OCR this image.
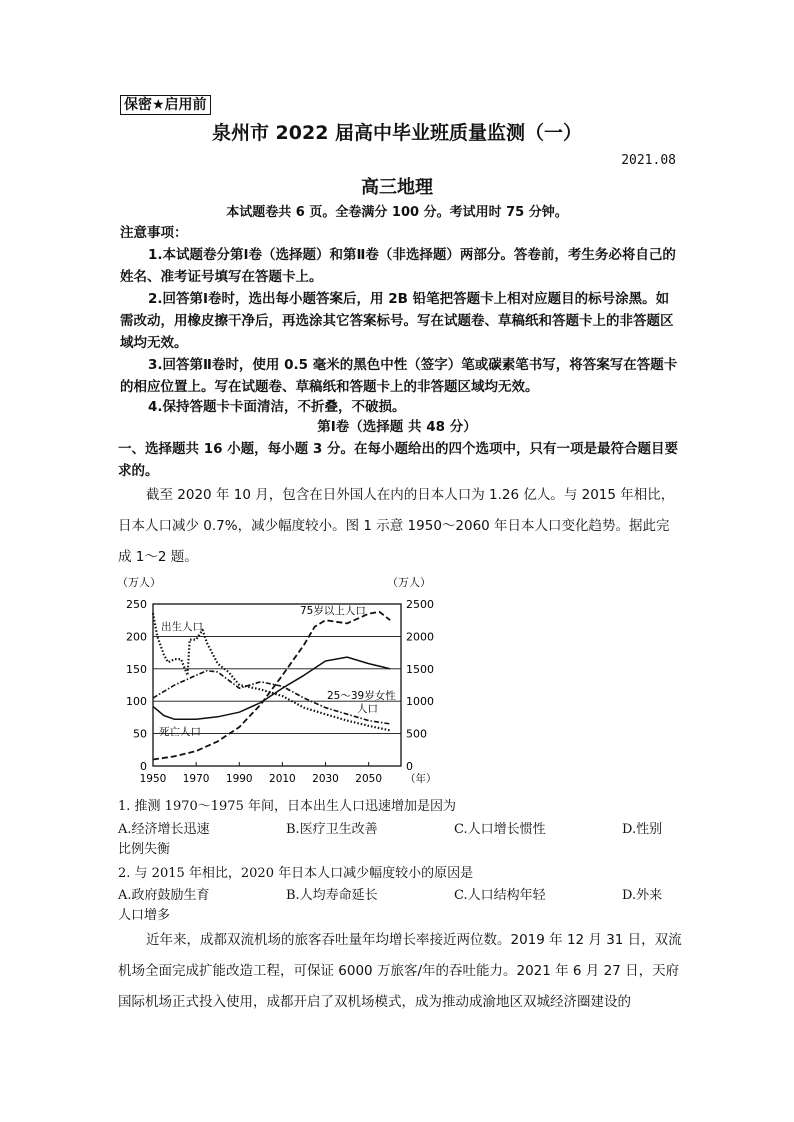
保密★启用前
泉州市 2022 届高中毕业班质量监测（一）
2021.08
高三地理
本试题卷共 6 页。全卷满分 100 分。考试用时 75 分钟。
注意事项：

1.本试题卷分第Ⅰ卷（选择题）和第Ⅱ卷（非选择题）两部分。答卷前，考生务必将自己的姓名、准考证号填写在答题卡上。

2.回答第Ⅰ卷时，选出每小题答案后，用 2B 铅笔把答题卡上相对应题目的标号涂黑。如需改动，用橡皮擦干净后，再选涂其它答案标号。写在试题卷、草稿纸和答题卡上的非答题区域均无效。

3.回答第Ⅱ卷时，使用 0.5 毫米的黑色中性（签字）笔或碳素笔书写，将答案写在答题卡的相应位置上。写在试题卷、草稿纸和答题卡上的非答题区域均无效。

4.保持答题卡卡面清洁，不折叠，不破损。

第Ⅰ卷（选择题 共 48 分）

一、选择题共 16 小题，每小题 3 分。在每小题给出的四个选项中，只有一项是最符合题目要求的。

截至 2020 年 10 月，包含在日外国人在内的日本人口为 1.26 亿人。与 2015 年相比，日本人口减少 0.7%，减少幅度较小。图 1 示意 1950～2060 年日本人口变化趋势。据此完成 1～2 题。

0
50
100
150
200
250
0
500
1000
1500
2000
2500
1950 1970 1990 2010 2030 2050
（万人）	（万人）
（年）
出生人口
死亡人口
75岁以上人口
25～39岁女性
人口
1. 推测 1970～1975 年间，日本出生人口迅速增加是因为
A.经济增长迅速	B.医疗卫生改善	C.人口增长惯性	D.性别
比例失衡
2. 与 2015 年相比，2020 年日本人口减少幅度较小的原因是
A.政府鼓励生育	B.人均寿命延长	C.人口结构年轻	D.外来
人口增多

近年来，成都双流机场的旅客吞吐量年均增长率接近两位数。2019 年 12 月 31 日，双流机场全面完成扩能改造工程，可保证 6000 万旅客/年的吞吐能力。2021 年 6 月 27 日，天府国际机场正式投入使用，成都开启了双机场模式，成为推动成渝地区双城经济圈建设的
